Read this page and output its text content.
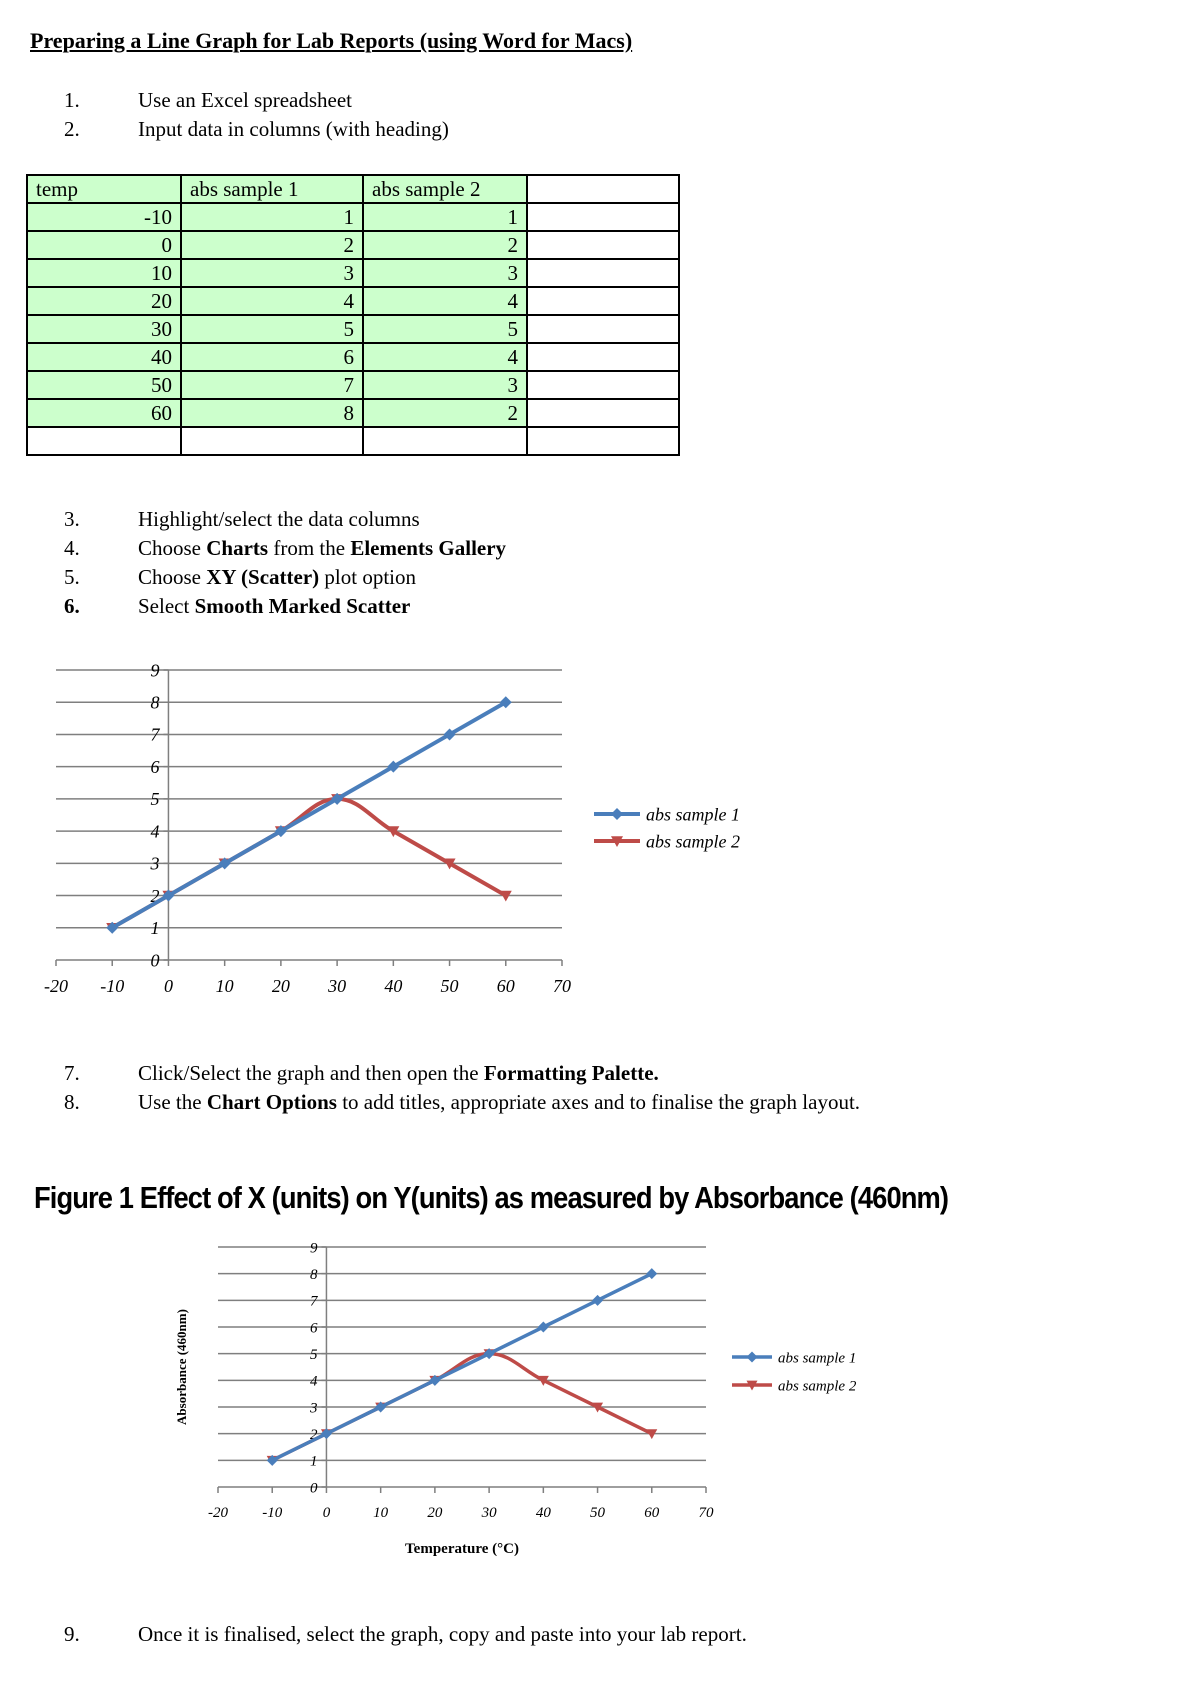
Preparing a Line Graph for Lab Reports (using Word for Macs)
1.	Use an Excel spreadsheet
2.	Input data in columns (with heading)
temp	abs sample 1	abs sample 2	
-10	1	1	
0	2	2	
10	3	3	
20	4	4	
30	5	5	
40	6	4	
50	7	3	
60	8	2	

3.	Highlight/select the data columns
4.	Choose Charts from the Elements Gallery
5.	Choose XY (Scatter) plot option
6.	Select Smooth Marked Scatter
-20 -10 0 10 20 30 40 50 60 70
0
1
2
3
4
5
6
7
8
9
abs sample 1
abs sample 2
7.	Click/Select the graph and then open the Formatting Palette.
8.	Use the Chart Options to add titles, appropriate axes and to finalise the graph layout.
Figure 1 Effect of X (units) on Y(units) as measured by Absorbance (460nm)
-20 -10	0	10	20	30	40	50	60	70
0
1
2
3
4
5
6
7
8
9
abs sample 1
abs sample 2
Temperature (°C)
Absorbance (460nm)
9.	Once it is finalised, select the graph, copy and paste into your lab report.
